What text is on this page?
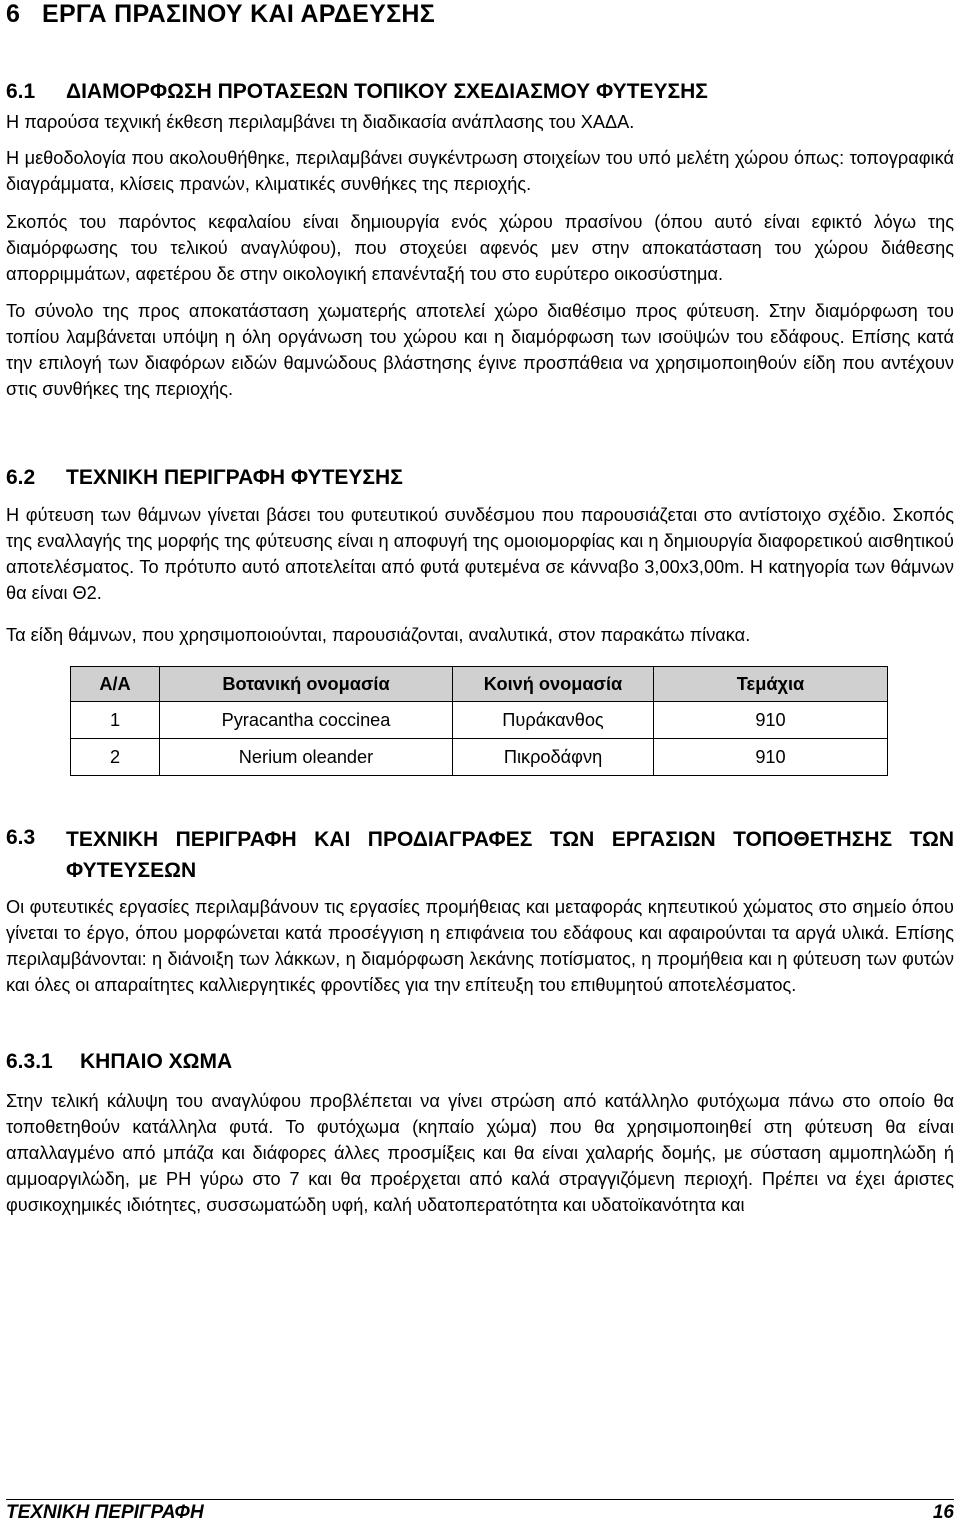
6 ΕΡΓΑ ΠΡΑΣΙΝΟΥ ΚΑΙ ΑΡΔΕΥΣΗΣ
6.1 ΔΙΑΜΟΡΦΩΣΗ ΠΡΟΤΑΣΕΩΝ ΤΟΠΙΚΟΥ ΣΧΕΔΙΑΣΜΟΥ ΦΥΤΕΥΣΗΣ

Η παρούσα τεχνική έκθεση περιλαμβάνει τη διαδικασία ανάπλασης του ΧΑΔΑ.

Η μεθοδολογία που ακολουθήθηκε, περιλαμβάνει συγκέντρωση στοιχείων του υπό μελέτη χώρου όπως: τοπογραφικά διαγράμματα, κλίσεις πρανών, κλιματικές συνθήκες της περιοχής.

Σκοπός του παρόντος κεφαλαίου είναι δημιουργία ενός χώρου πρασίνου (όπου αυτό είναι εφικτό λόγω της διαμόρφωσης του τελικού αναγλύφου), που στοχεύει αφενός μεν στην αποκατάσταση του χώρου διάθεσης απορριμμάτων, αφετέρου δε στην οικολογική επανένταξή του στο ευρύτερο οικοσύστημα.

Το σύνολο της προς αποκατάσταση χωματερής αποτελεί χώρο διαθέσιμο προς φύτευση. Στην διαμόρφωση του τοπίου λαμβάνεται υπόψη η όλη οργάνωση του χώρου και η διαμόρφωση των ισοϋψών του εδάφους. Επίσης κατά την επιλογή των διαφόρων ειδών θαμνώδους βλάστησης έγινε προσπάθεια να χρησιμοποιηθούν είδη που αντέχουν στις συνθήκες της περιοχής.

6.2 ΤΕΧΝΙΚΗ ΠΕΡΙΓΡΑΦΗ ΦΥΤΕΥΣΗΣ

Η φύτευση των θάμνων γίνεται βάσει του φυτευτικού συνδέσμου που παρουσιάζεται στο αντίστοιχο σχέδιο. Σκοπός της εναλλαγής της μορφής της φύτευσης είναι η αποφυγή της ομοιομορφίας και η δημιουργία διαφορετικού αισθητικού αποτελέσματος. Το πρότυπο αυτό αποτελείται από φυτά φυτεμένα σε κάνναβο 3,00x3,00m. Η κατηγορία των θάμνων θα είναι Θ2.

Τα είδη θάμνων, που χρησιμοποιούνται, παρουσιάζονται, αναλυτικά, στον παρακάτω πίνακα.

Α/Α	Βοτανική ονομασία	Κοινή ονομασία	Τεμάχια
1	Pyracantha coccinea	Πυράκανθος	910
2	Nerium oleander	Πικροδάφνη	910
6.3	ΤΕΧΝΙΚΗ ΠΕΡΙΓΡΑΦΗ ΚΑΙ ΠΡΟΔΙΑΓΡΑΦΕΣ ΤΩΝ ΕΡΓΑΣΙΩΝ ΤΟΠΟΘΕΤΗΣΗΣ ΤΩΝ ΦΥΤΕΥΣΕΩΝ

Οι φυτευτικές εργασίες περιλαμβάνουν τις εργασίες προμήθειας και μεταφοράς κηπευτικού χώματος στο σημείο όπου γίνεται το έργο, όπου μορφώνεται κατά προσέγγιση η επιφάνεια του εδάφους και αφαιρούνται τα αργά υλικά. Επίσης περιλαμβάνονται: η διάνοιξη των λάκκων, η διαμόρφωση λεκάνης ποτίσματος, η προμήθεια και η φύτευση των φυτών και όλες οι απαραίτητες καλλιεργητικές φροντίδες για την επίτευξη του επιθυμητού αποτελέσματος.

6.3.1 ΚΗΠΑΙΟ ΧΩΜΑ

Στην τελική κάλυψη του αναγλύφου προβλέπεται να γίνει στρώση από κατάλληλο φυτόχωμα πάνω στο οποίο θα τοποθετηθούν κατάλληλα φυτά. Το φυτόχωμα (κηπαίο χώμα) που θα χρησιμοποιηθεί στη φύτευση θα είναι απαλλαγμένο από μπάζα και διάφορες άλλες προσμίξεις και θα είναι χαλαρής δομής, με σύσταση αμμοπηλώδη ή αμμοαργιλώδη, με PH γύρω στο 7 και θα προέρχεται από καλά στραγγιζόμενη περιοχή. Πρέπει να έχει άριστες φυσικοχημικές ιδιότητες, συσσωματώδη υφή, καλή υδατοπερατότητα και υδατοϊκανότητα και

ΤΕΧΝΙΚΗ ΠΕΡΙΓΡΑΦΗ	16
